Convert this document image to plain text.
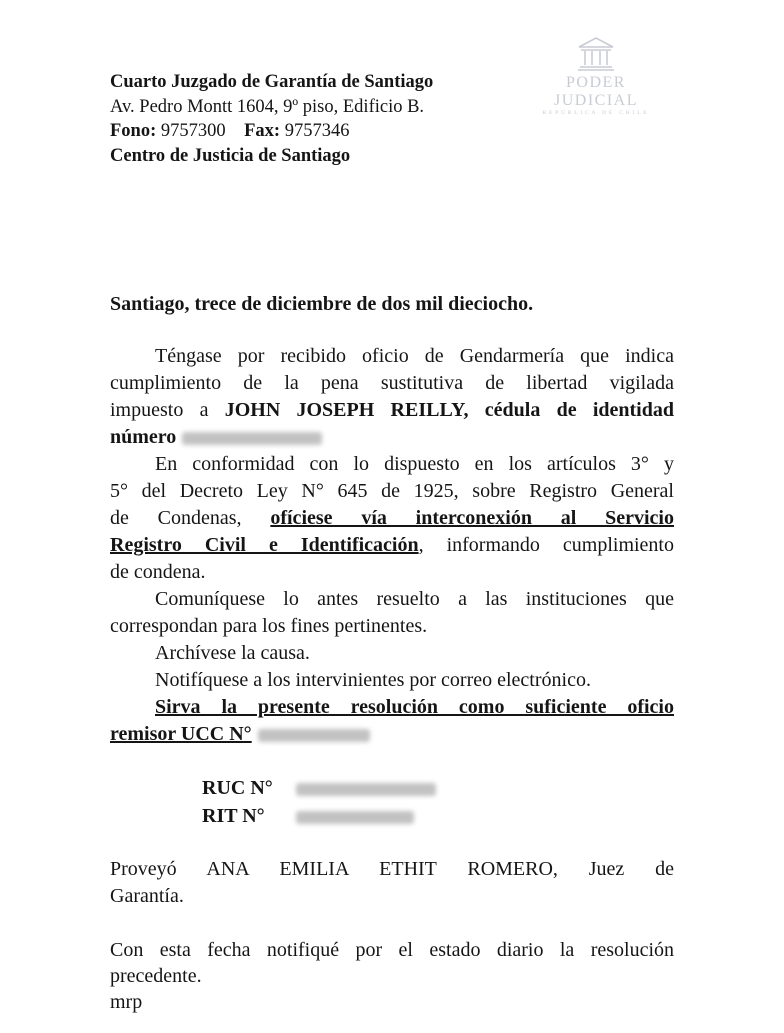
Cuarto Juzgado de Garantía de Santiago
Av. Pedro Montt 1604, 9º piso, Edificio B.
Fono: 9757300 Fax: 9757346
Centro de Justicia de Santiago
PODER JUDICIAL
REPÚBLICA DE CHILE
Santiago, trece de diciembre de dos mil dieciocho.

Téngase por recibido oficio de Gendarmería que indica

cumplimiento de la pena sustitutiva de libertad vigilada

impuesto a JOHN JOSEPH REILLY, cédula de identidad

número

En conformidad con lo dispuesto en los artículos 3° y

5° del Decreto Ley N° 645 de 1925, sobre Registro General

de Condenas, ofíciese vía interconexión al Servicio

Registro Civil e Identificación, informando cumplimiento

de condena.

Comuníquese lo antes resuelto a las instituciones que

correspondan para los fines pertinentes.

Archívese la causa.

Notifíquese a los intervinientes por correo electrónico.

Sirva la presente resolución como suficiente oficio

remisor UCC N°

RUC N°
RIT N°

Proveyó ANA EMILIA ETHIT ROMERO, Juez de

Garantía.

Con esta fecha notifiqué por el estado diario la resolución

precedente.

mrp
